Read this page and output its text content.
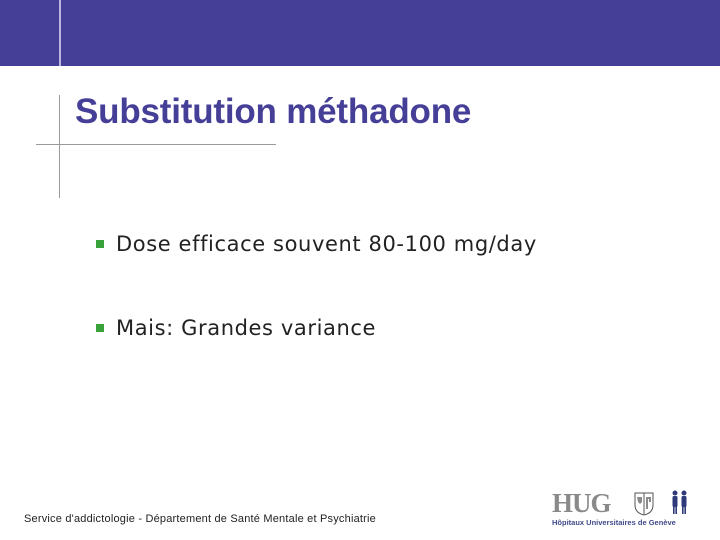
Substitution méthadone
Dose efficace souvent 80-100 mg/day
Mais: Grandes variance
Service d'addictologie - Département de Santé Mentale et Psychiatrie
HUG
Hôpitaux Universitaires de Genève
